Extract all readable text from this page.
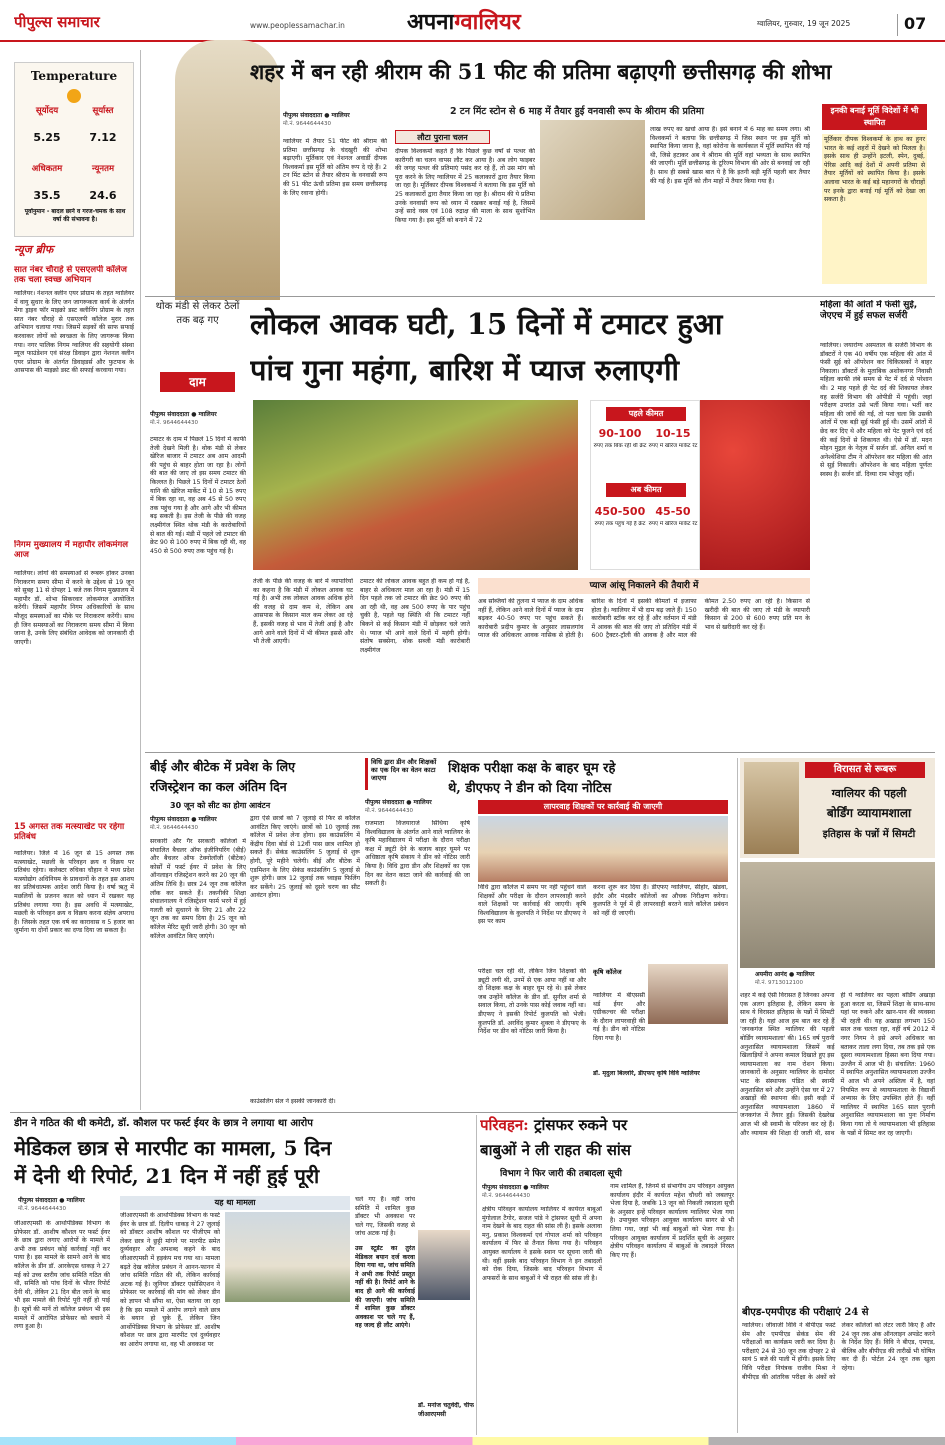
पीपुल्स समाचार	www.peoplessamachar.in	अपनाग्वालियर	ग्वालियर, गुरुवार, 19 जून 2025	07
Temperature
सूर्योदय	सूर्यास्त
5.25	7.12
अधिकतम	न्यूनतम
35.5	24.6
पूर्वानुमान - बादल छाने व गरज-चमक के साथ वर्षा की संभावना है।
न्यूज ब्रीफ
सात नंबर चौराहे से एसएलपी कॉलेज तक चला स्वच्छ अभियान
ग्वालियर। नेशनल क्लीन एयर प्रोग्राम के तहत ग्वालियर में वायु सुधार के लिए जन जागरूकता कार्य के अंतर्गत मेगा ड्राइव फॉर माइक्रो डस्ट क्लीनिंग प्रोग्राम के तहत सात नंबर चौराहे से एसएलपी कॉलेज मुरार तक अभियान चलाया गया। जिसमें सड़कों की साफ सफाई करवाकर लोगों को स्वच्छता के लिए जागरूक किया गया। नगर पालिक निगम ग्वालियर की सहयोगी संस्था म्यूज फाउंडेशन एवं संरक्ष डिवाइन द्वारा नेशनल क्लीन एयर प्रोग्राम के अंतर्गत डिवाइडर्स और फुटपाथ के आसपास की माइक्रो डस्ट की सफाई करवाया गया।
निगम मुख्यालय में महापौर लोकमंगल आज
ग्वालियर। लोगों की समस्याओं से रूबरू होकर उनका निराकरण समय सीमा में करने के उद्देश्य से 19 जून को सुबह 11 से दोपहर 1 बजे तक निगम मुख्यालय में महापौर डॉ. शोभा सिकरवार लोकमंगल आयोजित करेंगी। जिसमें महापौर निगम अधिकारियों के साथ मौजूद समस्याओं का मौके पर निराकरण करेंगी। साथ ही जिन समस्याओं का निराकरण समय सीमा में किया जाना है, उनके लिए संबंधित आवेदक को जानकारी दी जाएगी।
15 अगस्त तक मत्स्याखेट पर रहेगा प्रतिबंध
ग्वालियर। जिले में 16 जून से 15 अगस्त तक मत्स्याखेट, मछली के परिवहन क्रय व विक्रय पर प्रतिबंध रहेगा। कलेक्टर रुचिका चौहान ने मध्य प्रदेश मत्स्योद्योग अधिनियम के प्रावधानों के तहत इस आशय का प्रतिबंधात्मक आदेश जारी किया है। वर्षा ऋतु में मछलियों के प्रजनन काल को ध्यान में रखकर यह प्रतिबंध लगाया गया है। इस अवधि में मत्स्याखेट, मछली के परिवहन क्रय व विक्रय करना संज्ञेय अपराध है। जिसके तहत एक वर्ष का कारावास व 5 हजार का जुर्माना या दोनों प्रकार का दण्ड दिया जा सकता है।
शहर में बन रही श्रीराम की 51 फीट की प्रतिमा बढ़ाएगी छत्तीसगढ़ की शोभा
2 टन मिंट स्टोन से 6 माह में तैयार हुई वनवासी रूप के श्रीराम की प्रतिमा
पीपुल्स संवाददाता ● ग्वालियर
मो.नं. 9644644430
ग्वालियर में तैयार 51 फीट की श्रीराम की प्रतिमा छत्तीसगढ़ के चंदखुरी की शोभा बढ़ाएगी। मूर्तिकार एवं नेशनल अवार्डी दीपक विश्वकर्मा इस मूर्ति को अंतिम रूप दे रहे हैं। 2 टन मिंट स्टोन से तैयार श्रीराम के वनवासी रूप की 51 फीट ऊंची प्रतिमा इस समय छत्तीसगढ़ के लिए रवाना होगी।
लौटा पुराना चलन
दीपक विश्वकर्मा कहते हैं कि पिछले कुछ वर्षों से पत्थर की कारीगरी का चलन वापस लौट कर आया है। अब लोग फाइबर की जगह पत्थर की प्रतिमाएं पसंद कर रहे हैं, तो उस मांग को पूरा करने के लिए ग्वालियर में 25 कलाकारों द्वारा तैयार किया जा रहा है। मूर्तिकार दीपक विश्वकर्मा ने बताया कि इस मूर्ति को 25 कलाकारों द्वारा तैयार किया जा रहा है। श्रीराम की ये प्रतिमा उनके वनवासी रूप को ध्यान में रखकर बनाई गई है, जिसमें उन्हें सादे वस्त्र एवं 108 रुद्राक्ष की माला के साथ सुशोभित किया गया है। इस मूर्ति को बनाने में 72
लाख रुपए का खर्चा आया है। इसे बनाने में 6 माह का समय लगा। श्री विश्वकर्मा ने बताया कि छत्तीसगढ़ में जिस स्थान पर इस मूर्ति को स्थापित किया जाना है, वहां कोरोना के कार्यकाल में मूर्ति स्थापित की गई थी, जिसे हटाकर अब ये श्रीराम की मूर्ति वहां भव्यता के साथ स्थापित की जाएगी। मूर्ति छत्तीसगढ़ के टूरिज्म विभाग की ओर से बनवाई जा रही है। साथ ही सबसे खास बात ये है कि इतनी बड़ी मूर्ति पहली बार तैयार की गई है। इस मूर्ति को तीन माहों में तैयार किया गया है।
इनकी बनाई मूर्ति विदेशों में भी स्थापित
मूर्तिकार दीपक विश्वकर्मा के हाथ का हुनर भारत के कई शहरों में देखने को मिलता है। इसके साथ ही उन्होंने इटली, स्पेन, दुबई, पेरिस आदि कई देशों में अपनी प्रतिमा से तैयार मूर्तियों को स्थापित किया है। इसके अलावा भारत के कई बड़े महानगरों के चौराहों पर इनके द्वारा बनाई गई मूर्ति को देखा जा सकता है।
थोक मंडी से लेकर ठेलों तक बढ़ गए
दाम
लोकल आवक घटी, 15 दिनों में टमाटर हुआ
पांच गुना महंगा, बारिश में प्याज रुलाएगी
पहले कीमत
90-100
रुपए तक बिक रही थी क्रेट
10-15
रुपए में खेरिज मार्केट रेट
अब कीमत
450-500
रुपए तक पहुंच गई है क्रेट
45-50
रुपए में खेरिज मार्केट रेट
पीपुल्स संवाददाता ● ग्वालियर
मो.नं. 9644644430
टमाटर के दाम में पिछले 15 दिनों में काफी तेजी देखने मिली है। थोक मंडी से लेकर खेरिज बाजार में टमाटर अब आम आदमी की पहुंच से बाहर होता जा रहा है। लोगों की बात की जाए तो इस समय टमाटर की किल्लत है। पिछले 15 दिनों में टमाटर ठेलों यानि की खेरिज मार्केट में 10 से 15 रुपए में बिक रहा था, वह अब 45 से 50 रुपए तक पहुंच गया है और आगे और भी कीमत बढ़ सकती है। इस तेजी के पीछे की वजह लक्ष्मीगंज स्थित थोक मंडी के कारोबारियों से बात की गई। मंडी में पहले जो टमाटर की क्रेट 90 से 100 रुपए में बिक रही थी, वह 450 से 500 रुपए तक पहुंच गई है।
तेजी के पीछे की वजह के बारे में व्यापारियों का कहना है कि मंडी में लोकल आवक घट गई है। अभी तक लोकल आवक अधिक होने की वजह से दाम कम थे, लेकिन अब आसपास के किसान माल कम लेकर आ रहे हैं, इसकी वजह से भाव में तेजी आई है और आगे आने वाले दिनों में भी कीमत इससे और भी तेजी आएगी।
टमाटर की लोकल आवक बहुत ही कम हो गई है, बाहर से अधिकतर माल आ रहा है। मंडी में 15 दिन पहले तक जो टमाटर की क्रेट 90 रुपए की आ रही थी, वह अब 500 रुपए के पार पहुंच चुकी है, पहले यह स्थिति थी कि टमाटर नहीं बिकने से कई किसान मंडी में छोड़कर चले जाते थे। प्याज भी आने वाले दिनों में महंगी होगी। संतोष सक्सेना, थोक सब्जी मंडी कारोबारी लक्ष्मीगंज
प्याज आंसू निकालने की तैयारी में
अब सब्जियों की तुलना में प्याज के दाम अधिक नहीं हैं, लेकिन आने वाले दिनों में प्याज के दाम बढ़कर 40-50 रुपए पर पहुंच सकते हैं। कारोबारी प्रदीप कुमार के अनुसार लासलगांव प्याज की अधिकतर आवक नासिक से होती है। बारिश के दिनों में इसकी कीमतों में इजाफा होता है। ग्वालियर में भी दाम बढ़ जाते हैं। 150 कारोबारी स्टॉक कर रहे हैं और वर्तमान में मंडी में आवक की बात की जाए तो प्रतिदिन मंडी में 600 ट्रैक्टर-ट्रॉली की आवक है और माल की कीमत 2.50 रुपए आ रही है। किसान से खरीदी की बात की जाए तो मंडी के व्यापारी किसान से 200 से 600 रुपए प्रति मन के भाव से खरीदारी कर रहे हैं।
महिला की आंतों में फंसी सुई, जेएएच में हुई सफल सर्जरी
ग्वालियर। जयारोग्य अस्पताल के सर्जरी विभाग के डॉक्टरों ने एक 40 वर्षीय एक महिला की आंत में फंसी सुई को ऑपरेशन कर चिकित्सकों ने बाहर निकाला। डॉक्टरों के मुताबिक अशोकनगर निवासी महिला काफी लंबे समय से पेट में दर्द से परेशान थी। 2 माह पहले ही पेट दर्द की शिकायत लेकर वह सर्जरी विभाग की ओपीडी में पहुंची। जहां परीक्षण उपरांत उसे भर्ती किया गया। भर्ती कर महिला की जांचें की गईं, तो पता चला कि उसकी आंतों में एक बड़ी सुई फंसी हुई थी। उसमें आंतों में छेद कर दिए थे और महिला को पेट फूलने एवं दर्द की कई दिनों से शिकायत थी। ऐसे में डॉ. मदन मोहन मुद्गल के नेतृत्व में सर्जन डॉ. अनिल शर्मा व अनेश्थेशिया टीम ने ऑपरेशन कर महिला की आंत से सुई निकाली। ऑपरेशन के बाद महिला पूर्णतः स्वस्थ है। सर्जन डॉ. दिव्या राम भोजुद रहीं।
बीई और बीटेक में प्रवेश के लिए
रजिस्ट्रेशन का कल अंतिम दिन
30 जून को सीट का होगा आवंटन
पीपुल्स संवाददाता ● ग्वालियर
मो.नं. 9644644430
सरकारी और गैर सरकारी कॉलेजों में संचालित बैचलर ऑफ इंजीनियरिंग (बीई) और बैचलर ऑफ टेक्नोलॉजी (बीटेक) कोर्सों में फर्स्ट ईयर में प्रवेश के लिए ऑनलाइन रजिस्ट्रेशन करने का 20 जून की अंतिम तिथि है। छात्र 24 जून तक कॉलेज लॉक कर सकते हैं। तकनीकी शिक्षा संचालनालय ने रजिस्ट्रेशन फार्म भरने में हुई गलती को सुधारने के लिए 21 और 22 जून तक का समय दिया है। 25 जून को कॉलेज मेरिट सूची जारी होगी। 30 जून को कॉलेज आवंटित किए जाएंगे।
द्वारा ऐसे छात्रों को 7 जुलाई से फिर से कॉलेज आवंटित किए जाएंगे। छात्रों को 10 जुलाई तक कॉलेज में प्रवेश लेना होगा। इस काउंसलिंग में केंद्रीय दिवा बोर्ड से 12वीं पास छात्र शामिल हो सकते हैं। सेकंड काउंसलिंग 5 जुलाई से शुरू होगी, पूरे महीने चलेगी। बीई और बीटेक में एडमिशन के लिए सेकंड काउंसलिंग 5 जुलाई से शुरू होगी। छात्र 12 जुलाई तक च्वाइस फिलिंग कर सकेंगे। 25 जुलाई को दूसरे चरण का सीट आवंटन होगा।
काउंसलिंग सेल ने इसकी जानकारी दी।
विधि द्वारा डीन और शिक्षकों का एक दिन का वेतन काटा जाएगा
शिक्षक परीक्षा कक्ष के बाहर घूम रहे
थे, डीएफए ने डीन को दिया नोटिस
पीपुल्स संवाददाता ● ग्वालियर
मो.नं. 9644644430
राजमाता विजयाराजे सिंधिया कृषि विश्वविद्यालय के अंतर्गत आने वाले ग्वालियर के कृषि महाविद्यालय में परीक्षा के दौरान परीक्षा कक्ष में ड्यूटी देने के बजाय बाहर घूमने पर अधिष्ठाता कृषि संकाय ने डीन को नोटिस जारी किया है। विधि द्वारा डीन और शिक्षकों का एक दिन का वेतन काटा जाने की कार्रवाई की जा सकती है।
लापरवाह शिक्षकों पर कार्रवाई की जाएगी
विधि द्वारा कॉलेज में समय पर नहीं पहुंचने वाले शिक्षकों और परीक्षा के दौरान लापरवाही करने वाले शिक्षकों पर कार्रवाई की जाएगी। कृषि विश्वविद्यालय के कुलपति ने निर्देश पर डीएफए ने इस पर काम
करना शुरू कर दिया है। डीएफए ग्वालियर, सीहोर, खंडवा, इंदौर और मंदसौर कॉलेजों का औचक निरीक्षण करेगा। कुलपति ने पूर्व में ही लापरवाही बरतने वाले कॉलेज प्रबंधन को नहीं दी जाएगी।
परीक्षा चल रही थी, लेकिन जिन शिक्षकों की ड्यूटी लगी थी, उनमें से एक आया नहीं था और दो शिक्षक कक्ष के बाहर घूम रहे थे। इसे लेकर जब उन्होंने कॉलेज के डीन डॉ. सुनील शर्मा से सवाल किया, तो उनके पास कोई जवाब नहीं था। डीएफए ने इसकी रिपोर्ट कुलपति को भेजी। कुलपति डॉ. अरविंद कुमार शुक्ला ने डीएफए के निर्देश पर डीन को नोटिस जारी किया है।
कृषि कॉलेज
ग्वालियर में बीएससी थर्ड ईयर और एग्रीकल्चर की परीक्षा के दौरान लापरवाही की गई है। डीन को नोटिस दिया गया है।
डॉ. मृदुला बिल्लोरे, डीएफए कृषि विवि ग्वालियर
विरासत से रूबरू
ग्वालियर की पहली
बोर्डिंग व्यायामशाला
इतिहास के पन्नों में सिमटी
अयमीरा आनंद ● ग्वालियर
मो.नं. 9713012100
शहर में कई ऐसी विरासत हैं जिनका अपना एक अलग इतिहास है, लेकिन समय के साथ ये विरासत इतिहास के पन्नों में सिमटी जा रही है। यहां आज हम बात कर रहे हैं 'जनकगंज स्थित ग्वालियर की पहली बोर्डिंग व्यायामशाला' की। 165 वर्ष पुरानी अनुशासित व्यायामशाला जिसमें कई खिलाड़ियों ने अपना कमाल दिखाते हुए इस व्यायामशाला का नाम रोशन किया। जानकारों के अनुसार ग्वालियर के दामोदर भाट के संस्थापक पंडित श्री स्वामी अनुशासित बने और उन्होंने ऐसा घर में 27 अखाड़ों की स्थापना की। इसी कड़ी में अनुशासित व्यायामशाला 1860 में जनकगंज में तैयार हुई। जिसकी देखरेख आज भी श्री स्वामी के परिजन कर रहे हैं। और व्यायाम की शिक्षा दी जाती थी, साथ ही ये ग्वालियर का पहला बोर्डिंग अखाड़ा हुआ करता था, जिसमें शिक्षा के साथ-साथ यहां पर रुकने और खान-पान की व्यवस्था भी रहती थी। यह अखाड़ा लगभग 150 साल तक चलता रहा, वहीं वर्ष 2012 में नगर निगम ने इसे अपने अधिकार का बताकर ताला लगा दिया, तब तक इसे एक दूसरा व्यायामशाला हिस्सा बना दिया गया। उज्जैन में आज भी है। संचालित: 1960 में स्थापित अनुशासित व्यायामशाला उज्जैन में आज भी अपने अस्तित्व में है, वहां नियमित रूप से व्यायामशाला के विद्यार्थी अभ्यास के लिए उपस्थित होते हैं। वहीं ग्वालियर में स्थापित 165 साल पुरानी अनुशासित व्यायामशाला का पुनः निर्माण किया गया तो ये व्यायामशाला भी इतिहास के पन्नों में सिमट कर रह जाएगी।
डीन ने गठित की थी कमेटी, डॉ. कौशल पर फर्स्ट ईयर के छात्र ने लगाया था आरोप
मेडिकल छात्र से मारपीट का मामला, 5 दिन
में देनी थी रिपोर्ट, 21 दिन में नहीं हुई पूरी
पीपुल्स संवाददाता ● ग्वालियर
मो.नं. 9644644430
जीआरएमसी के आर्थोपेडिक्स विभाग के प्रोफेसर डॉ. आशीष कौशल पर फर्स्ट ईयर के छात्र द्वारा लगाए आरोपों के मामले में अभी तक प्रबंधन कोई कार्रवाई नहीं कर पाया है। इस मामले के सामने आने के बाद कॉलेज के डीन डॉ. आरकेएस धाकड़ ने 27 मई को उच्च स्तरीय जांच समिति गठित की थी, समिति को पांच दिनों के भीतर रिपोर्ट देनी थी, लेकिन 21 दिन बीत जाने के बाद भी इस मामले की रिपोर्ट पूरी नहीं हो पाई है। सूत्रों की मानें तो कॉलेज प्रबंधन भी इस मामले में आरोपित प्रोफेसर को बचाने में लगा हुआ है।
यह था मामला
जीआरएमसी के आर्थोपेडिक्स विभाग के फर्स्ट ईयर के छात्र डॉ. दिलीप धाकड़ ने 27 जुलाई को डॉक्टर आशीष कौशल पर पीजीएम को लेकर छात्र ने छुट्टी मांगने पर मारपीट समेत दुर्व्यवहार और अपशब्द कहने के बाद जीआरएमसी में हड़कंप मच गया था। मामला बढ़ते देख कॉलेज प्रबंधन ने आनन-फानन में जांच समिति गठित की थी, लेकिन कार्रवाई अटक गई है। जूनियर डॉक्टर एसोसिएशन ने प्रोफेसर पर कार्रवाई की मांग को लेकर डीन को ज्ञापन भी सौंपा था, ऐसा बताया जा रहा है कि इस मामले में आरोप लगाने वाले छात्र के बयान हो चुके हैं, लेकिन जिन आर्थोपेडिक्स विभाग के प्रोफेसर डॉ. आशीष कौशल पर छात्र द्वारा मारपीट एवं दुर्व्यवहार का आरोप लगाया था, वह भी अवकाश पर
चले गए हैं। वहीं जांच समिति में शामिल कुछ डॉक्टर भी अवकाश पर चले गए, जिसकी वजह से जांच अटक गई है।
उस स्टूडेंट का तुरंत मेडिकल बयान दर्ज करवा दिया गया था, जांच समिति ने अभी तक रिपोर्ट प्रस्तुत नहीं की है। रिपोर्ट आने के बाद ही आगे की कार्रवाई की जाएगी। जांच समिति में शामिल कुछ डॉक्टर अवकाश पर चले गए हैं, वह जल्द ही लौट आएंगे।
डॉ. मनोज चतुर्वेदी, चीफ जीआरएमसी
परिवहन: ट्रांसफर रुकने पर
बाबुओं ने ली राहत की सांस
विभाग ने फिर जारी की तबादला सूची
पीपुल्स संवाददाता ● ग्वालियर
मो.नं. 9644644430
क्षेत्रीय परिवहन कार्यालय ग्वालियर में कार्यरत बाबूओं मुंगोलाल टैगोर, सजल पांडे ने ट्रांसफर सूची में अपना नाम देखने के बाद राहत की सांस ली है। इसके अलावा मनु, प्रकाश विश्वकर्मा एवं गोपाल शर्मा को परिवहन कार्यालय में फिर से तैनात किया गया है। परिवहन आयुक्त कार्यालय ने इसके स्थान पर सूचना जारी की थी। वहीं इसके बाद परिवहन विभाग ने इन तबादलों को रोक दिया, जिसके बाद परिवहन विभाग में अफसरों के साथ बाबुओं ने भी राहत की सांस ली है।
नाम शामिल हैं, जिनमें से संभागीय उप परिवहन आयुक्त कार्यालय इंदौर में कार्यरत महेश चौधरी को जबलपुर भेजा दिया है, जबकि 13 जून को निकली तबादला सूची के अनुसार इन्हें परिवहन कार्यालय ग्वालियर भेजा गया है। उपायुक्त परिवहन आयुक्त कार्यालय सागर से भी लिया गया, जहां भी कई बाबुओं को भेजा गया है। परिवहन आयुक्त कार्यालय में प्रदर्शित सूची के अनुसार क्षेत्रीय परिवहन कार्यालय में बाबुओं के तबादले निरस्त किए गए हैं।
बीएड-एमपीएड की परीक्षाएं 24 से
ग्वालियर। जीवाजी विवि ने बीपीएड फर्स्ट सेम और एमपीएड सेकंड सेम की परीक्षाओं का कार्यक्रम जारी कर दिया है। परीक्षाएं 24 से 30 जून तक दोपहर 2 से सायं 5 बजे की पाली में होंगी। इसके लिए विवि परीक्षा नियंत्रक राजीव मिश्रा ने बीपीएड की आंतरिक परीक्षा के अंकों को लेकर कॉलेजों को लेटर जारी किए हैं और 24 जून तक अंक ऑनलाइन अपडेट करने के निर्देश दिए हैं। विवि ने बीएड, एमएड, बीलिब और बीपीएड की तारीखें भी घोषित कर दी हैं। पोर्टल 24 जून तक खुला रहेगा।
